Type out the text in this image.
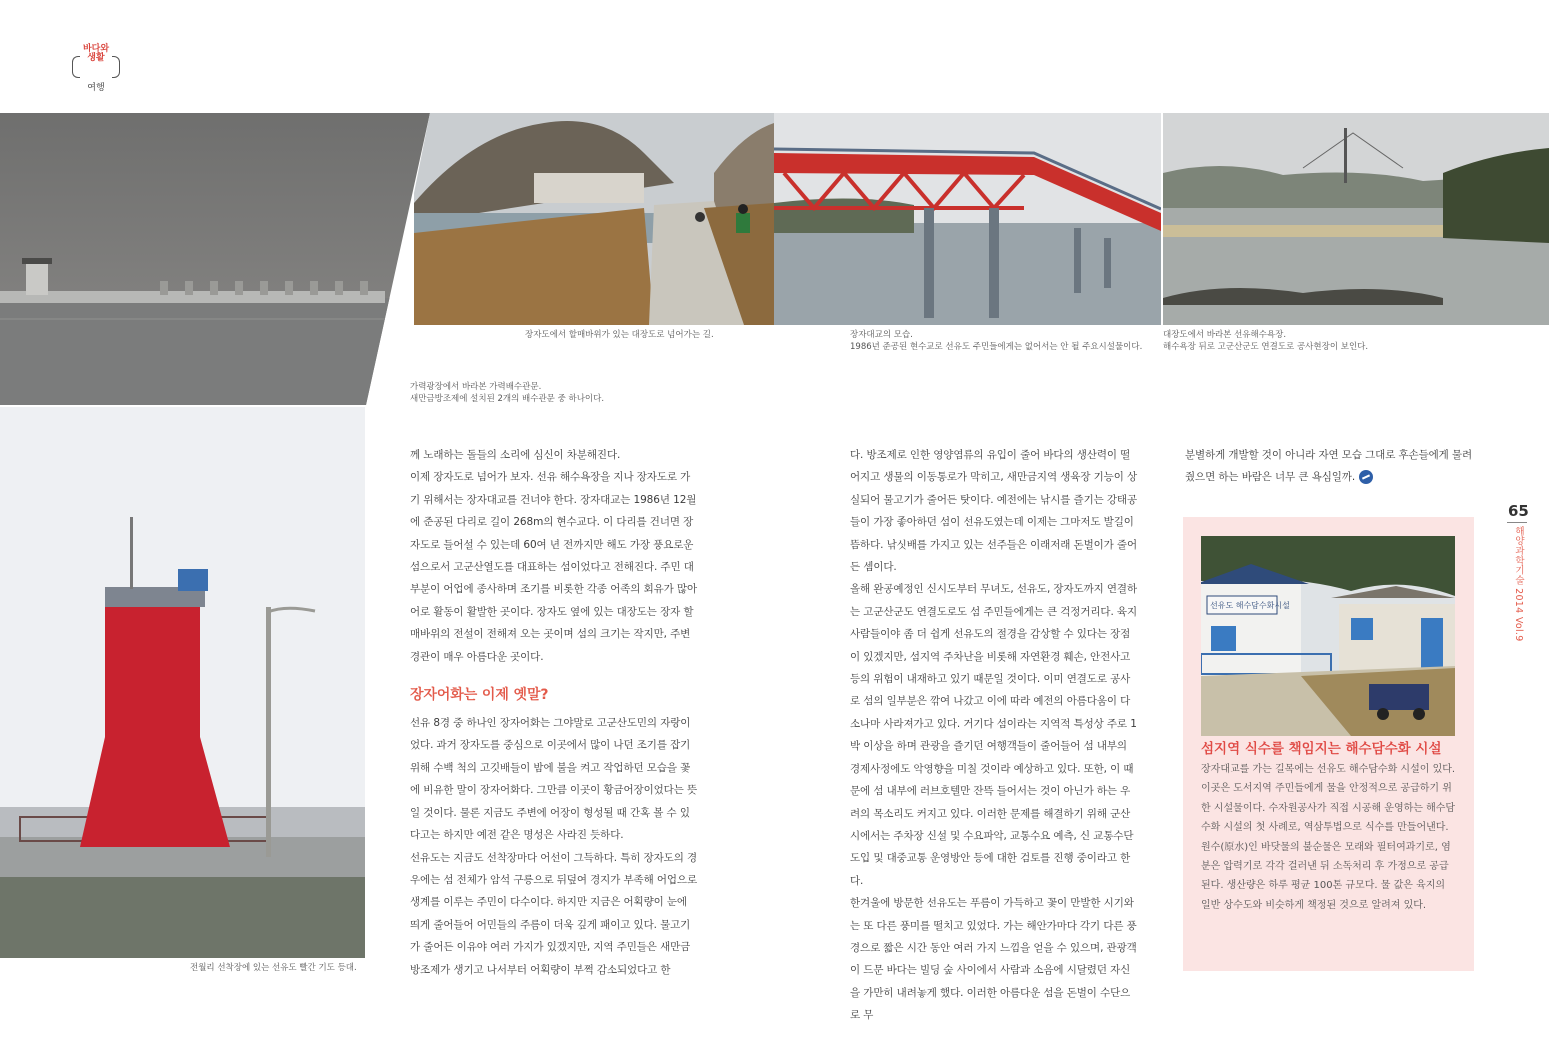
바다와
생활
여행
가력광장에서 바라본 가력배수관문.
새만금방조제에 설치된 2개의 배수관문 중 하나이다.
장자도에서 할매바위가 있는 대장도로 넘어가는 길.	장자대교의 모습.
1986년 준공된 현수교로 선유도 주민들에게는 없어서는 안 될 주요시설물이다.
대장도에서 바라본 선유해수욕장.
해수욕장 뒤로 고군산군도 연결도로 공사현장이 보인다.
전월리 선착장에 있는 선유도 빨간 기도 등대.

께 노래하는 돌들의 소리에 심신이 차분해진다.

이제 장자도로 넘어가 보자. 선유 해수욕장을 지나 장자도로 가기 위해서는 장자대교를 건너야 한다. 장자대교는 1986년 12월에 준공된 다리로 길이 268m의 현수교다. 이 다리를 건너면 장자도로 들어설 수 있는데 60여 년 전까지만 해도 가장 풍요로운 섬으로서 고군산열도를 대표하는 섬이었다고 전해진다. 주민 대부분이 어업에 종사하며 조기를 비롯한 각종 어족의 회유가 많아 어로 활동이 활발한 곳이다. 장자도 옆에 있는 대장도는 장자 할매바위의 전설이 전해져 오는 곳이며 섬의 크기는 작지만, 주변 경관이 매우 아름다운 곳이다.

장자어화는 이제 옛말?

선유 8경 중 하나인 장자어화는 그야말로 고군산도민의 자랑이었다. 과거 장자도를 중심으로 이곳에서 많이 나던 조기를 잡기 위해 수백 척의 고깃배들이 밤에 불을 켜고 작업하던 모습을 꽃에 비유한 말이 장자어화다. 그만큼 이곳이 황금어장이었다는 뜻일 것이다. 물론 지금도 주변에 어장이 형성될 때 간혹 볼 수 있다고는 하지만 예전 같은 명성은 사라진 듯하다.

선유도는 지금도 선착장마다 어선이 그득하다. 특히 장자도의 경우에는 섬 전체가 암석 구릉으로 뒤덮여 경지가 부족해 어업으로 생계를 이루는 주민이 다수이다. 하지만 지금은 어획량이 눈에 띄게 줄어들어 어민들의 주름이 더욱 깊게 패이고 있다. 물고기가 줄어든 이유야 여러 가지가 있겠지만, 지역 주민들은 새만금방조제가 생기고 나서부터 어획량이 부쩍 감소되었다고 한

다. 방조제로 인한 영양염류의 유입이 줄어 바다의 생산력이 떨어지고 생물의 이동통로가 막히고, 새만금지역 생육장 기능이 상실되어 물고기가 줄어든 탓이다. 예전에는 낚시를 즐기는 강태공들이 가장 좋아하던 섬이 선유도였는데 이제는 그마저도 발길이 뜸하다. 낚싯배를 가지고 있는 선주들은 이래저래 돈벌이가 줄어든 셈이다.

올해 완공예정인 신시도부터 무녀도, 선유도, 장자도까지 연결하는 고군산군도 연결도로도 섬 주민들에게는 큰 걱정거리다. 육지 사람들이야 좀 더 쉽게 선유도의 절경을 감상할 수 있다는 장점이 있겠지만, 섬지역 주차난을 비롯해 자연환경 훼손, 안전사고 등의 위험이 내재하고 있기 때문일 것이다. 이미 연결도로 공사로 섬의 일부분은 깎여 나갔고 이에 따라 예전의 아름다움이 다소나마 사라져가고 있다. 거기다 섬이라는 지역적 특성상 주로 1박 이상을 하며 관광을 즐기던 여행객들이 줄어들어 섬 내부의 경제사정에도 악영향을 미칠 것이라 예상하고 있다. 또한, 이 때문에 섬 내부에 러브호텔만 잔뜩 들어서는 것이 아닌가 하는 우려의 목소리도 커지고 있다. 이러한 문제를 해결하기 위해 군산시에서는 주차장 신설 및 수요파악, 교통수요 예측, 신 교통수단 도입 및 대중교통 운영방안 등에 대한 검토를 진행 중이라고 한다.

한겨울에 방문한 선유도는 푸름이 가득하고 꽃이 만발한 시기와는 또 다른 풍미를 떨치고 있었다. 가는 해안가마다 각기 다른 풍경으로 짧은 시간 동안 여러 가지 느낌을 얻을 수 있으며, 관광객이 드문 바다는 빌딩 숲 사이에서 사람과 소음에 시달렸던 자신을 가만히 내려놓게 했다. 이러한 아름다운 섬을 돈벌이 수단으로 무

분별하게 개발할 것이 아니라 자연 모습 그대로 후손들에게 물려줬으면 하는 바람은 너무 큰 욕심일까.

65
해양과학기술 2014 Vol.9
선유도 해수담수화시설
섬지역 식수를 책임지는 해수담수화 시설
장자대교를 가는 길목에는 선유도 해수담수화 시설이 있다. 이곳은 도서지역 주민들에게 물을 안정적으로 공급하기 위한 시설물이다. 수자원공사가 직접 시공해 운영하는 해수담수화 시설의 첫 사례로, 역삼투법으로 식수를 만들어낸다. 원수(原水)인 바닷물의 불순물은 모래와 필터여과기로, 염분은 압력기로 각각 걸러낸 뒤 소독처리 후 가정으로 공급된다. 생산량은 하루 평균 100톤 규모다. 물 값은 육지의 일반 상수도와 비슷하게 책정된 것으로 알려져 있다.
